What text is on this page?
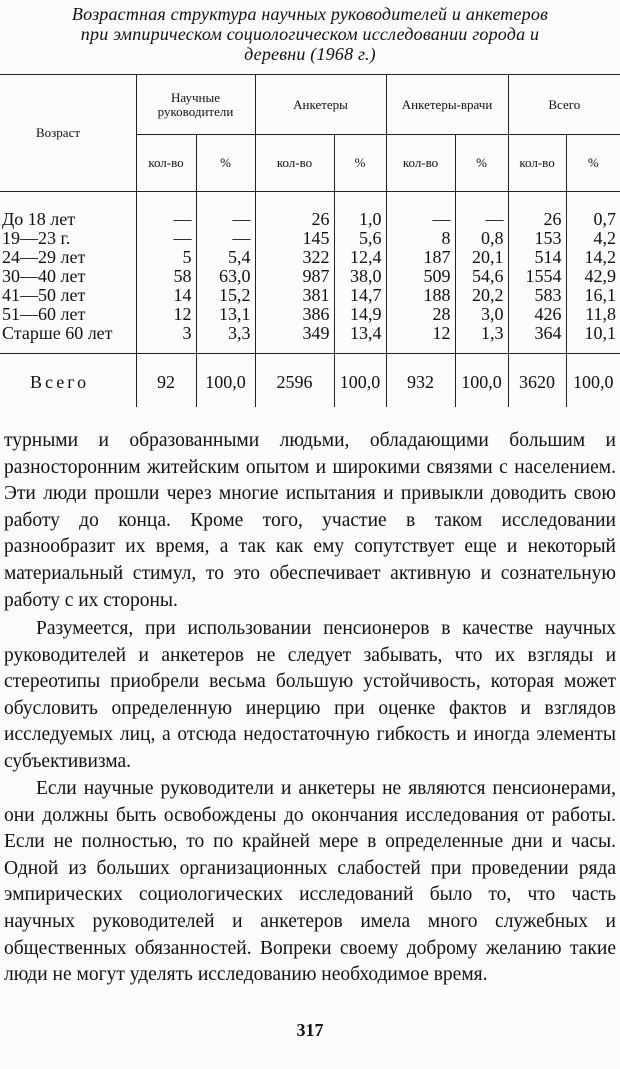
Возрастная структура научных руководителей и анкетеров
при эмпирическом социологическом исследовании города и
деревни (1968 г.)
Возраст	Научные руководители		Анкетеры		Анкетеры-врачи		Всего	
	кол-во	%	кол-во	%	кол-во	%	кол-во	%
До 18 лет	—	—	26	1,0	—	—	26	0,7
19—23 г.	—	—	145	5,6	8	0,8	153	4,2
24—29 лет	5	5,4	322	12,4	187	20,1	514	14,2
30—40 лет	58	63,0	987	38,0	509	54,6	1554	42,9
41—50 лет	14	15,2	381	14,7	188	20,2	583	16,1
51—60 лет	12	13,1	386	14,9	28	3,0	426	11,8
Старше 60 лет	3	3,3	349	13,4	12	1,3	364	10,1
Всего	92	100,0	2596	100,0	932	100,0	3620	100,0

турными и образованными людьми, обладающими большим и разносторонним житейским опытом и широкими связями с населением. Эти люди прошли через многие испытания и привыкли доводить свою работу до конца. Кроме того, участие в таком исследовании разнообразит их время, а так как ему сопутствует еще и некоторый материальный стимул, то это обеспечивает активную и сознательную работу с их стороны.

Разумеется, при использовании пенсионеров в качестве научных руководителей и анкетеров не следует забывать, что их взгляды и стереотипы приобрели весьма большую устойчивость, которая может обусловить определенную инерцию при оценке фактов и взглядов исследуемых лиц, а отсюда недостаточную гибкость и иногда элементы субъективизма.

Если научные руководители и анкетеры не являются пенсионерами, они должны быть освобождены до окончания исследования от работы. Если не полностью, то по крайней мере в определенные дни и часы. Одной из больших организационных слабостей при проведении ряда эмпирических социологических исследований было то, что часть научных руководителей и анкетеров имела много служебных и общественных обязанностей. Вопреки своему доброму желанию такие люди не могут уделять исследованию необходимое время.

317
